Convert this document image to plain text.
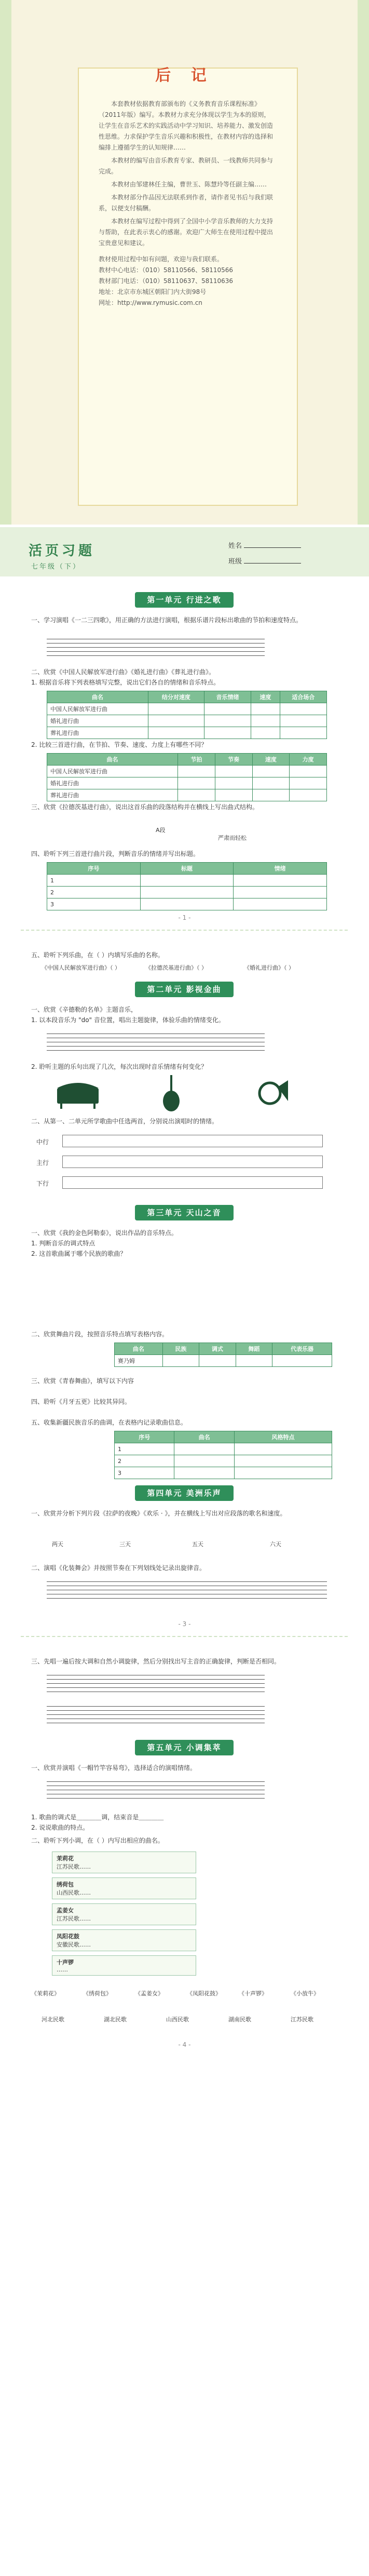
后 记

本套教材依据教育部颁布的《义务教育音乐课程标准》（2011年版）编写。本教材力求充分体现以学生为本的原则，让学生在音乐艺术的实践活动中学习知识、培养能力、激发创造性思维。力求保护学生音乐兴趣和积极性，在教材内容的选择和编排上遵循学生的认知规律……

本教材的编写由音乐教育专家、教研员、一线教师共同参与完成。

本教材由邹建林任主编，曹世玉、陈慧玲等任副主编……

本教材部分作品因无法联系到作者，请作者见书后与我们联系，以便支付稿酬。

本教材在编写过程中得到了全国中小学音乐教师的大力支持与帮助，在此表示衷心的感谢。欢迎广大师生在使用过程中提出宝贵意见和建议。

教材使用过程中如有问题，欢迎与我们联系。
教材中心电话：（010）58110566、58110566
教材部门电话：（010）58110637、58110636
地址：北京市东城区朝阳门内大街98号
网址：http://www.rymusic.com.cn
活页习题
七年级（下）
姓名
班级
第一单元 行进之歌
一、学习演唱《一二三四歌》，用正确的方法进行演唱，根据乐谱片段标出歌曲的节拍和速度特点。
二、欣赏《中国人民解放军进行曲》《婚礼进行曲》《葬礼进行曲》。
1. 根据音乐将下列表格填写完整，说出它们各自的情绪和音乐特点。
曲名	结分对速度	音乐情绪	速度	适合场合
中国人民解放军进行曲				
婚礼进行曲				
葬礼进行曲				
2. 比较三首进行曲，在节拍、节奏、速度、力度上有哪些不同？
曲名	节拍	节奏	速度	力度
中国人民解放军进行曲				
婚礼进行曲				
葬礼进行曲				
三、欣赏《拉德茨基进行曲》，说出这首乐曲的段落结构并在横线上写出曲式结构。
A段
严肃而轻松
四、聆听下列三首进行曲片段，判断音乐的情绪并写出标题。
序号	标题	情绪
1		
2		
3		
- 1 -
五、聆听下列乐曲，在（ ）内填写乐曲的名称。
《中国人民解放军进行曲》（ ）	《拉德茨基进行曲》（ ）	《婚礼进行曲》（ ）
第二单元 影视金曲
一、欣赏《辛德勒的名单》主题音乐，
1. 以本段音乐为 "do" 音位置，唱出主题旋律，体验乐曲的情绪变化。
2. 聆听主题的乐句出现了几次，每次出现时音乐情绪有何变化？
二、从第一、二单元所学歌曲中任选两首，分别说出演唱时的情绪。
中行
主行
下行
第三单元 天山之音
一、欣赏《我的金色阿勒泰》，说出作品的音乐特点。
1. 判断音乐的调式特点
2. 这首歌曲属于哪个民族的歌曲？
二、欣赏舞曲片段，按照音乐特点填写表格内容。
曲名	民族	调式	舞蹈	代表乐器
赛乃姆				
三、欣赏《青春舞曲》，填写以下内容
四、聆听《月牙五更》比较其异同。
五、收集新疆民族音乐的曲调，在表格内记录歌曲信息。
序号	曲名	风格特点
1		
2		
3		
第四单元 美洲乐声
一、欣赏并分析下列片段《拉萨的夜晚》《欢乐 · 》，并在横线上写出对应段落的歌名和速度。
两天	三天	五天	六天
二、演唱《化装舞会》并按照节奏在下列划线处记录出旋律音。
- 3 -
三、先唱一遍后按大调和自然小调旋律，然后分别找出写主音的正确旋律，判断是否相同。
第五单元 小调集萃
一、欣赏并演唱《一帽竹竿容易弯》，选择适合的演唱情绪。
1. 歌曲的调式是＿＿＿＿调，结束音是＿＿＿＿
2. 说说歌曲的特点。
二、聆听下列小调，在（ ）内写出相应的曲名。
茉莉花
江苏民歌……
绣荷包
山西民歌……
孟姜女
江苏民歌……
凤阳花鼓
安徽民歌……
十声锣
……
《茉莉花》	《绣荷包》	《孟姜女》	《凤阳花鼓》	《十声锣》	《小放牛》
河北民歌	湖北民歌	山西民歌	湖南民歌	江苏民歌
- 4 -
